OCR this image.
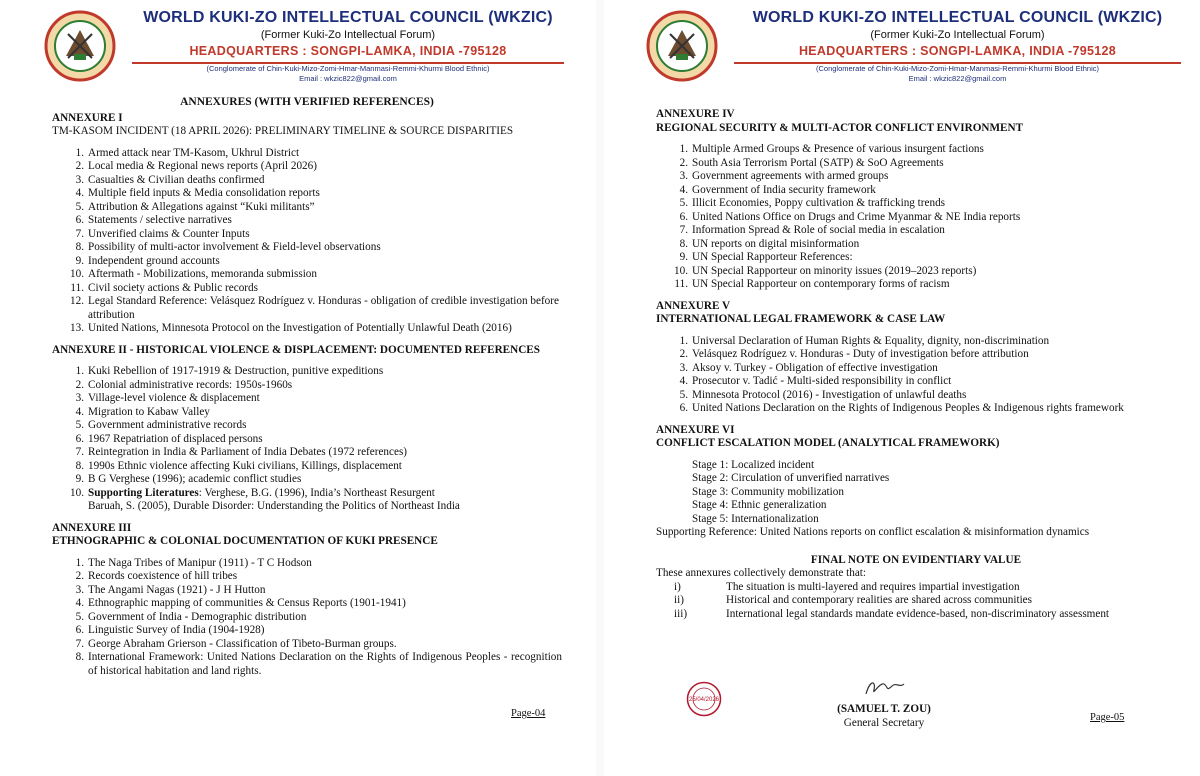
WORLD KUKI-ZO INTELLECTUAL COUNCIL (WKZIC)
(Former Kuki-Zo Intellectual Forum)
HEADQUARTERS : SONGPI-LAMKA, INDIA -795128
(Conglomerate of Chin-Kuki-Mizo-Zomi-Hmar-Manmasi-Remmi-Khurmi Blood Ethnic)
Email : wkzic822@gmail.com
ANNEXURES (WITH VERIFIED REFERENCES)
ANNEXURE I
TM-KASOM INCIDENT (18 APRIL 2026): PRELIMINARY TIMELINE & SOURCE DISPARITIES
1. Armed attack near TM-Kasom, Ukhrul District
2. Local media & Regional news reports (April 2026)
3. Casualties & Civilian deaths confirmed
4. Multiple field inputs & Media consolidation reports
5. Attribution & Allegations against “Kuki militants”
6. Statements / selective narratives
7. Unverified claims & Counter Inputs
8. Possibility of multi-actor involvement & Field-level observations
9. Independent ground accounts
10. Aftermath - Mobilizations, memoranda submission
11. Civil society actions & Public records
12. Legal Standard Reference: Velásquez Rodríguez v. Honduras - obligation of credible investigation before attribution
13. United Nations, Minnesota Protocol on the Investigation of Potentially Unlawful Death (2016)
ANNEXURE II - HISTORICAL VIOLENCE & DISPLACEMENT: DOCUMENTED REFERENCES
1. Kuki Rebellion of 1917-1919 & Destruction, punitive expeditions
2. Colonial administrative records: 1950s-1960s
3. Village-level violence & displacement
4. Migration to Kabaw Valley
5. Government administrative records
6. 1967 Repatriation of displaced persons
7. Reintegration in India & Parliament of India Debates (1972 references)
8. 1990s Ethnic violence affecting Kuki civilians, Killings, displacement
9. B G Verghese (1996); academic conflict studies
10. Supporting Literatures: Verghese, B.G. (1996), India’s Northeast Resurgent
Baruah, S. (2005), Durable Disorder: Understanding the Politics of Northeast India
ANNEXURE III
ETHNOGRAPHIC & COLONIAL DOCUMENTATION OF KUKI PRESENCE
1. The Naga Tribes of Manipur (1911) - T C Hodson
2. Records coexistence of hill tribes
3. The Angami Nagas (1921) - J H Hutton
4. Ethnographic mapping of communities & Census Reports (1901-1941)
5. Government of India - Demographic distribution
6. Linguistic Survey of India (1904-1928)
7. George Abraham Grierson - Classification of Tibeto-Burman groups.
8. International Framework: United Nations Declaration on the Rights of Indigenous Peoples - recognition of historical habitation and land rights.
Page-04
WORLD KUKI-ZO INTELLECTUAL COUNCIL (WKZIC)
(Former Kuki-Zo Intellectual Forum)
HEADQUARTERS : SONGPI-LAMKA, INDIA -795128
(Conglomerate of Chin-Kuki-Mizo-Zomi-Hmar-Manmasi-Remmi-Khurmi Blood Ethnic)
Email : wkzic822@gmail.com
ANNEXURE IV
REGIONAL SECURITY & MULTI-ACTOR CONFLICT ENVIRONMENT
1. Multiple Armed Groups & Presence of various insurgent factions
2. South Asia Terrorism Portal (SATP) & SoO Agreements
3. Government agreements with armed groups
4. Government of India security framework
5. Illicit Economies, Poppy cultivation & trafficking trends
6. United Nations Office on Drugs and Crime Myanmar & NE India reports
7. Information Spread & Role of social media in escalation
8. UN reports on digital misinformation
9. UN Special Rapporteur References:
10. UN Special Rapporteur on minority issues (2019–2023 reports)
11. UN Special Rapporteur on contemporary forms of racism
ANNEXURE V
INTERNATIONAL LEGAL FRAMEWORK & CASE LAW
1. Universal Declaration of Human Rights & Equality, dignity, non-discrimination
2. Velásquez Rodríguez v. Honduras - Duty of investigation before attribution
3. Aksoy v. Turkey - Obligation of effective investigation
4. Prosecutor v. Tadić - Multi-sided responsibility in conflict
5. Minnesota Protocol (2016) - Investigation of unlawful deaths
6. United Nations Declaration on the Rights of Indigenous Peoples & Indigenous rights framework
ANNEXURE VI
CONFLICT ESCALATION MODEL (ANALYTICAL FRAMEWORK)
Stage 1: Localized incident
Stage 2: Circulation of unverified narratives
Stage 3: Community mobilization
Stage 4: Ethnic generalization
Stage 5: Internationalization
Supporting Reference: United Nations reports on conflict escalation & misinformation dynamics
FINAL NOTE ON EVIDENTIARY VALUE
These annexures collectively demonstrate that:
i)	The situation is multi-layered and requires impartial investigation
ii)	Historical and contemporary realities are shared across communities
iii)	International legal standards mandate evidence-based, non-discriminatory assessment
25/04/2026
(SAMUEL T. ZOU)
General Secretary	Page-05
